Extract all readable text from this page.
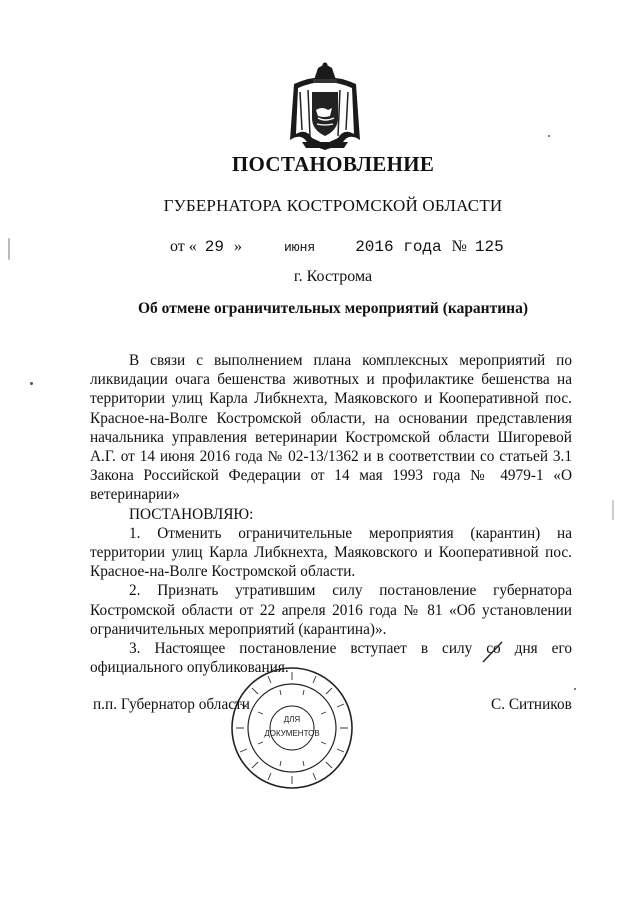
ПОСТАНОВЛЕНИЕ
ГУБЕРНАТОРА КОСТРОМСКОЙ ОБЛАСТИ
от « 29 »	июня	2016 года № 125
г. Кострома
Об отмене ограничительных мероприятий (карантина)

В связи с выполнением плана комплексных мероприятий по ликвидации очага бешенства животных и профилактике бешенства на территории улиц Карла Либкнехта, Маяковского и Кооперативной пос. Красное-на-Волге Костромской области, на основании представления начальника управления ветеринарии Костромской области Шигоревой А.Г. от 14 июня 2016 года № 02-13/1362 и в соответствии со статьей 3.1 Закона Российской Федерации от 14 мая 1993 года № 4979-1 «О ветеринарии»

ПОСТАНОВЛЯЮ:

1. Отменить ограничительные мероприятия (карантин) на территории улиц Карла Либкнехта, Маяковского и Кооперативной пос. Красное-на-Волге Костромской области.

2. Признать утратившим силу постановление губернатора Костромской области от 22 апреля 2016 года № 81 «Об установлении ограничительных мероприятий (карантина)».

3. Настоящее постановление вступает в силу со дня его официального опубликования.

ДЛЯ
ДОКУМЕНТОВ
п.п. Губернатор области	С. Ситников
